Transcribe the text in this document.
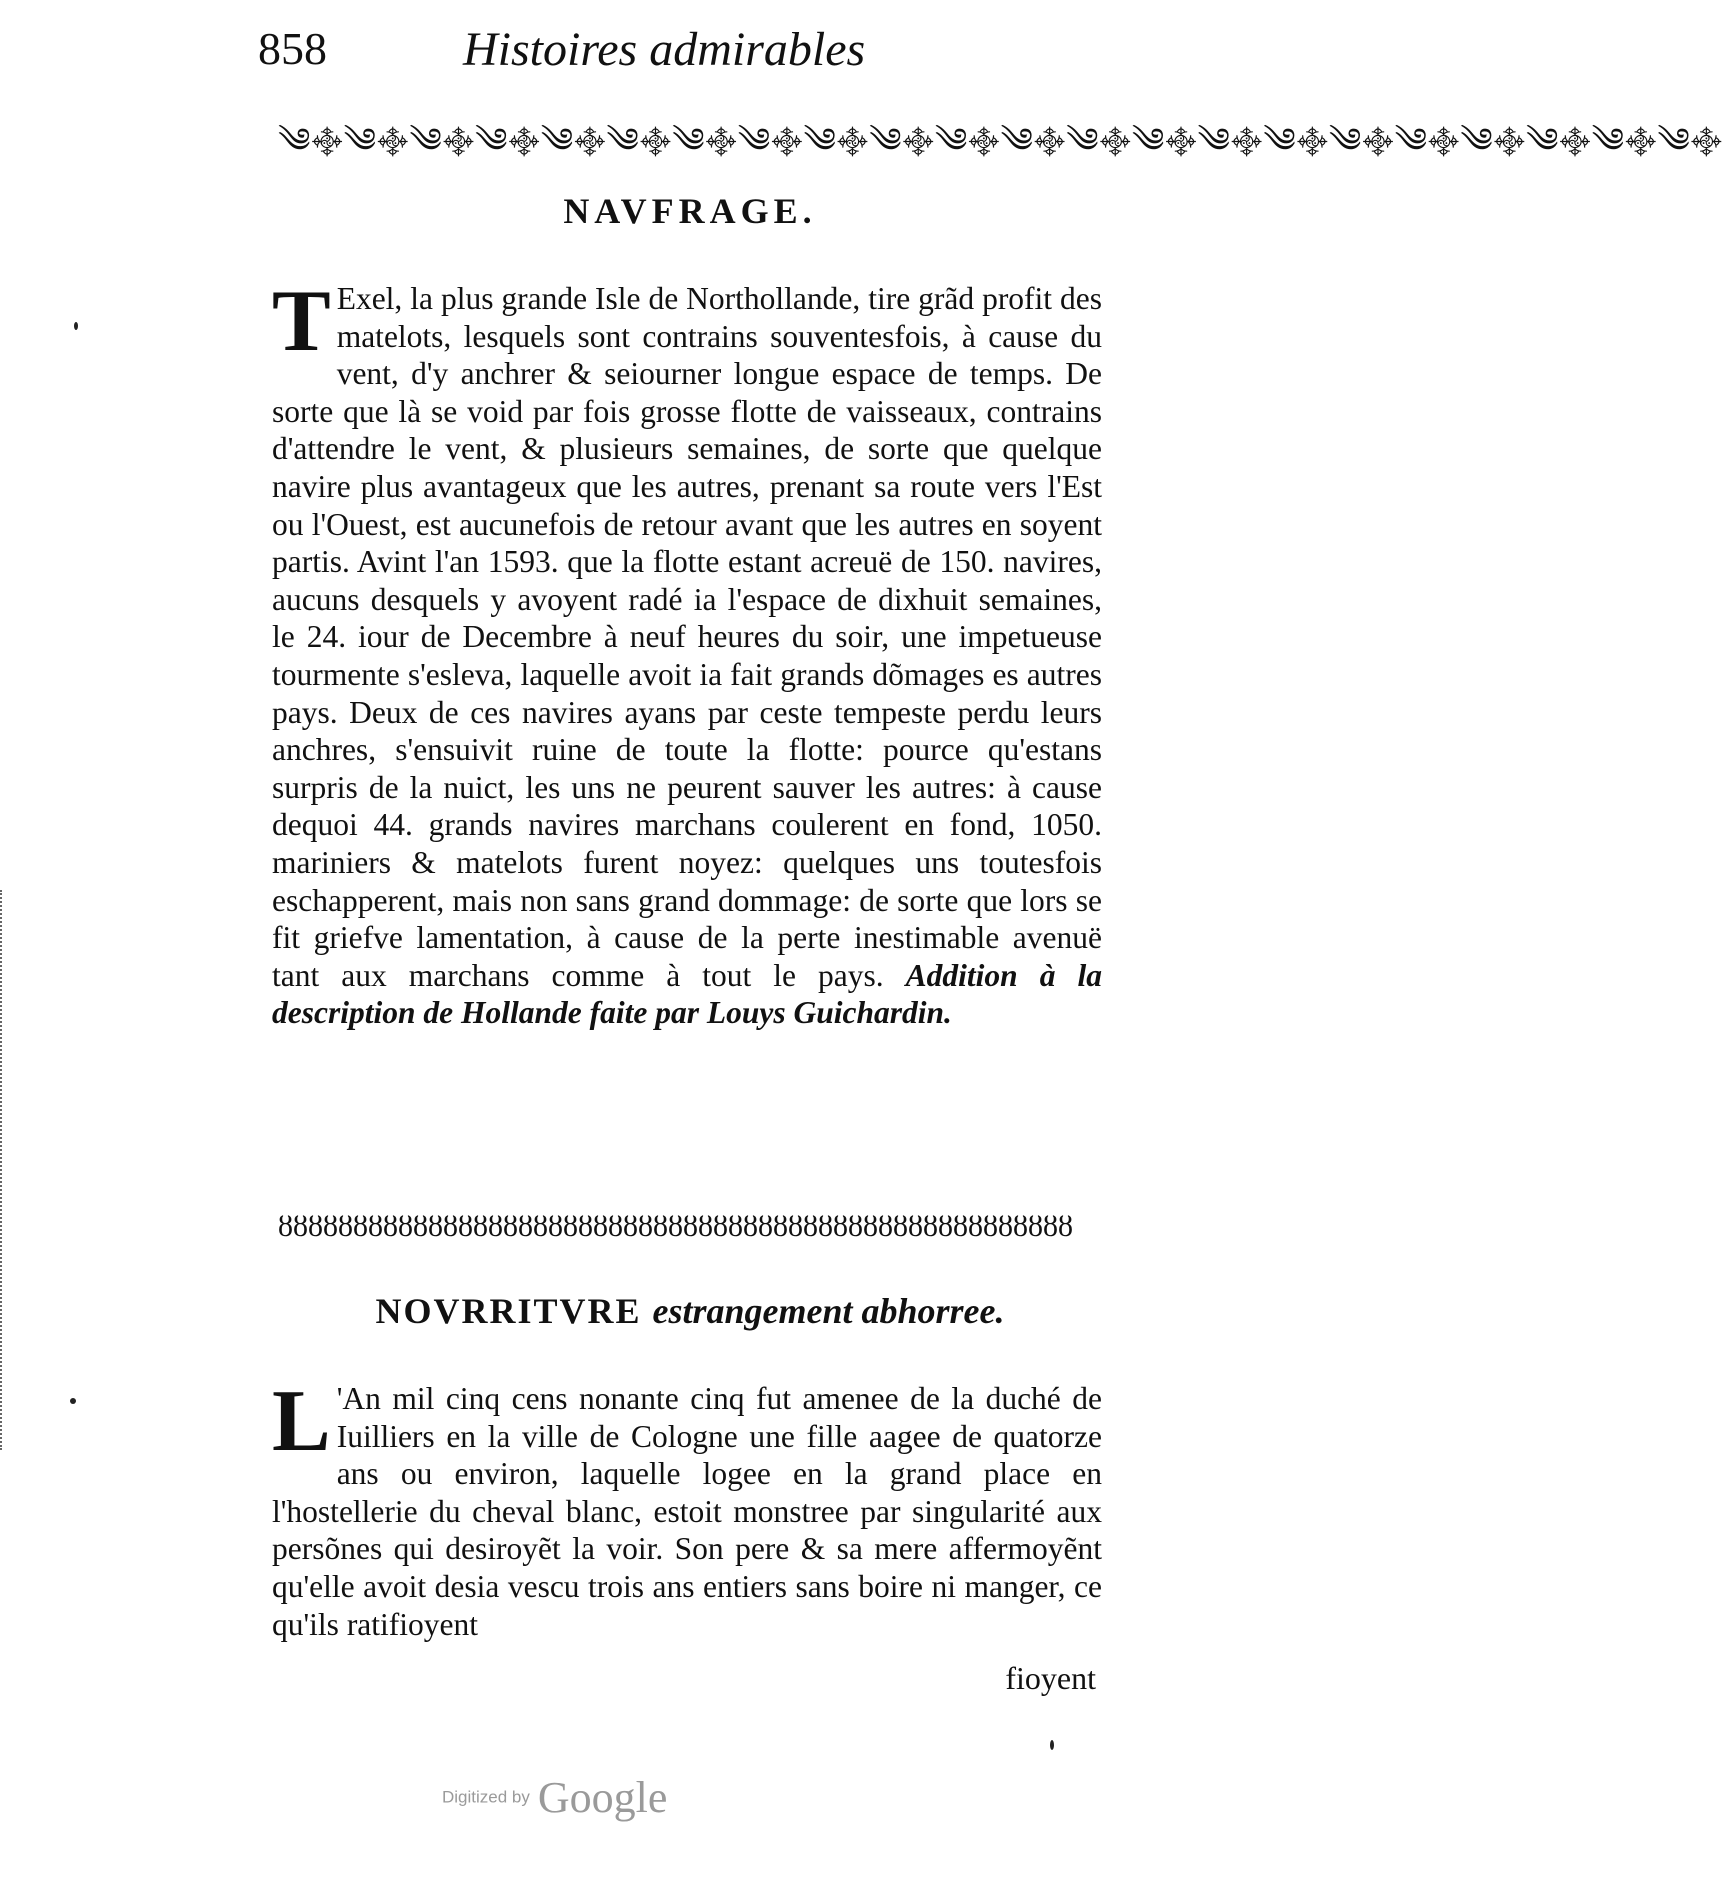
858	Histoires admirables
༄࿇༄࿇༄࿇༄࿇༄࿇༄࿇༄࿇༄࿇༄࿇༄࿇༄࿇༄࿇༄࿇༄࿇༄࿇༄࿇༄࿇༄࿇༄࿇༄࿇༄࿇༄࿇
NAVFRAGE.
T Exel, la plus grande Isle de Northollande, tire grãd profit des matelots, lesquels sont contrains souventesfois, à cause du vent, d'y anchrer & seiourner longue espace de temps. De sorte que là se void par fois grosse flotte de vaisseaux, contrains d'attendre le vent, & plusieurs semaines, de sorte que quelque navire plus avantageux que les autres, prenant sa route vers l'Est ou l'Ouest, est aucunefois de retour avant que les autres en soyent partis. Avint l'an 1593. que la flotte estant acreuë de 150. navires, aucuns desquels y avoyent radé ia l'espace de dixhuit semaines, le 24. iour de Decembre à neuf heures du soir, une impetueuse tourmente s'esleva, laquelle avoit ia fait grands dõmages es autres pays. Deux de ces navires ayans par ceste tempeste perdu leurs anchres, s'ensuivit ruine de toute la flotte: pource qu'estans surpris de la nuict, les uns ne peurent sauver les autres: à cause dequoi 44. grands navires marchans coulerent en fond, 1050. mariniers & matelots furent noyez: quelques uns toutesfois eschapperent, mais non sans grand dommage: de sorte que lors se fit griefve lamentation, à cause de la perte inestimable avenuë tant aux marchans comme à tout le pays. Addition à la description de Hollande faite par Louys Guichardin.
ȣȣȣȣȣȣȣȣȣȣȣȣȣȣȣȣȣȣȣȣȣȣȣȣȣȣȣȣȣȣȣȣȣȣȣȣȣȣȣȣȣȣȣȣȣȣȣȣȣȣȣȣȣ
NOVRRITVRE estrangement abhorree.
L 'An mil cinq cens nonante cinq fut amenee de la duché de Iuilliers en la ville de Cologne une fille aagee de quatorze ans ou environ, laquelle logee en la grand place en l'hostellerie du cheval blanc, estoit monstree par singularité aux persõnes qui desiroyẽt la voir. Son pere & sa mere affermoyẽnt qu'elle avoit desia vescu trois ans entiers sans boire ni manger, ce qu'ils ratifioyent
fioyent
Digitized by Google
